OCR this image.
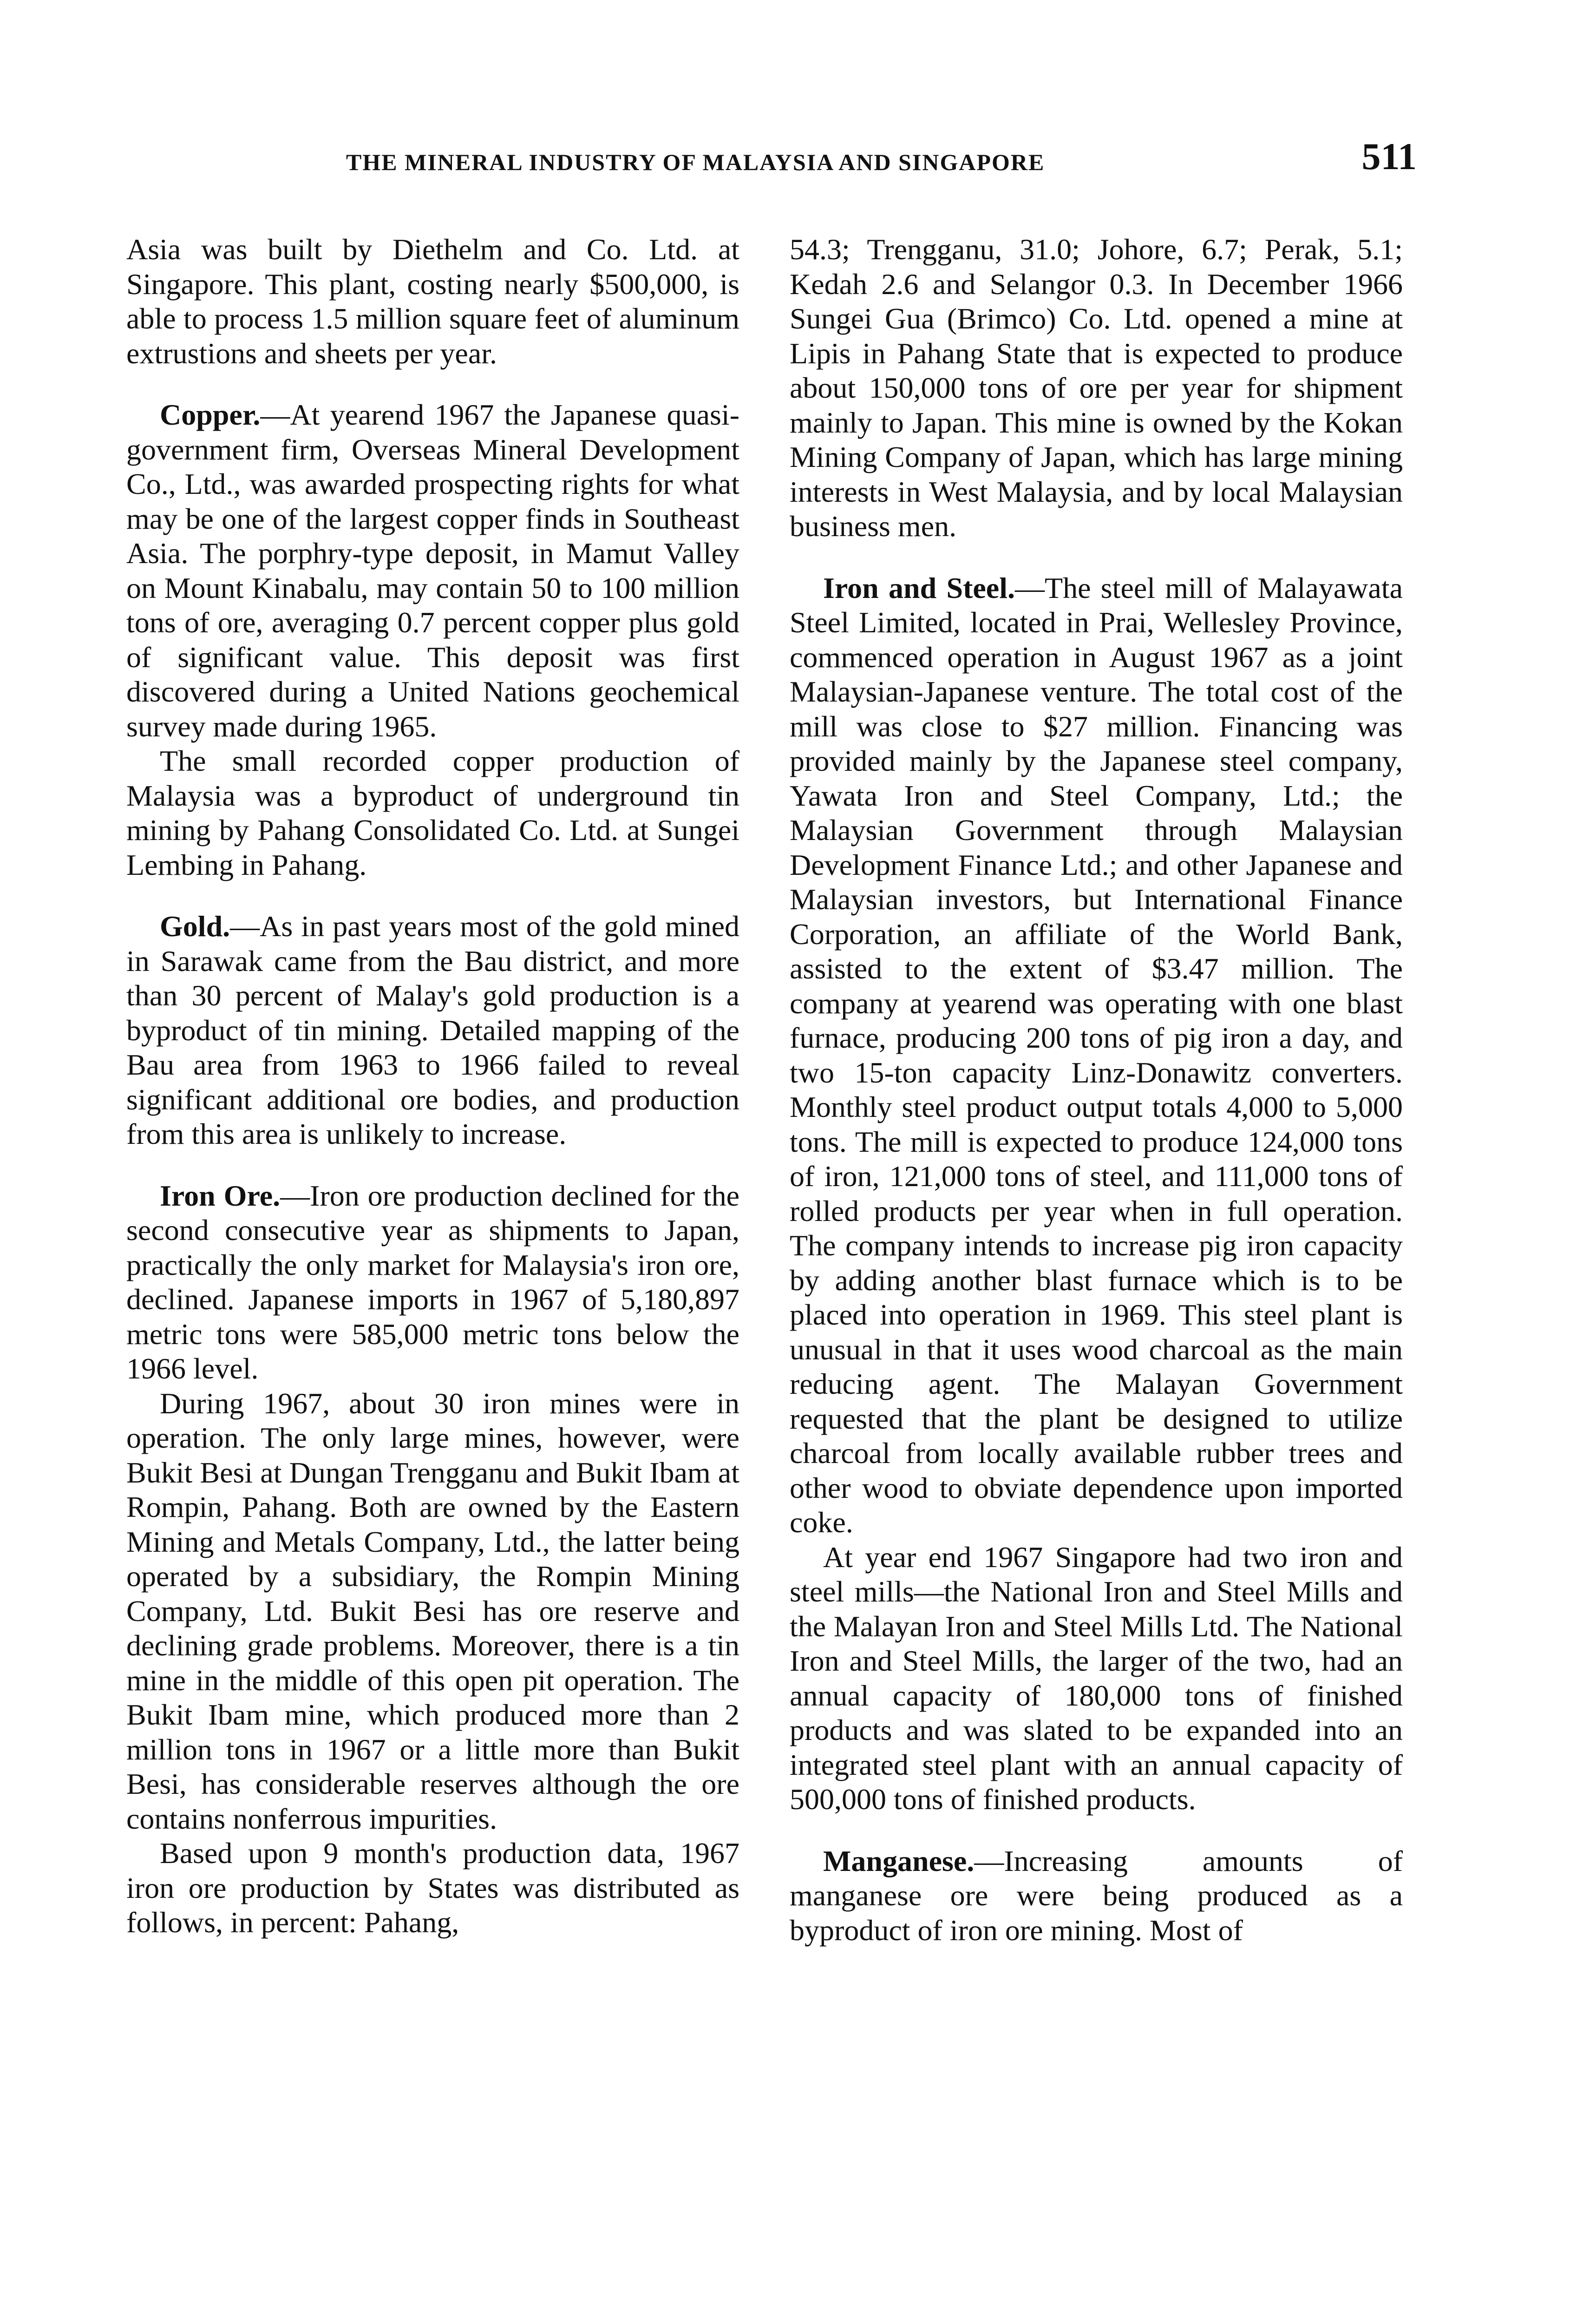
THE MINERAL INDUSTRY OF MALAYSIA AND SINGAPORE	511

Asia was built by Diethelm and Co. Ltd. at Singapore. This plant, costing nearly $500,000, is able to process 1.5 million square feet of aluminum extrustions and sheets per year.

Copper.—At yearend 1967 the Japanese quasi-government firm, Overseas Mineral Development Co., Ltd., was awarded prospecting rights for what may be one of the largest copper finds in Southeast Asia. The porphry-type deposit, in Mamut Valley on Mount Kinabalu, may contain 50 to 100 million tons of ore, averaging 0.7 percent copper plus gold of significant value. This deposit was first discovered during a United Nations geochemical survey made during 1965.

The small recorded copper production of Malaysia was a byproduct of underground tin mining by Pahang Consolidated Co. Ltd. at Sungei Lembing in Pahang.

Gold.—As in past years most of the gold mined in Sarawak came from the Bau district, and more than 30 percent of Malay's gold production is a byproduct of tin mining. Detailed mapping of the Bau area from 1963 to 1966 failed to reveal significant additional ore bodies, and production from this area is unlikely to increase.

Iron Ore.—Iron ore production declined for the second consecutive year as shipments to Japan, practically the only market for Malaysia's iron ore, declined. Japanese imports in 1967 of 5,180,897 metric tons were 585,000 metric tons below the 1966 level.

During 1967, about 30 iron mines were in operation. The only large mines, however, were Bukit Besi at Dungan Trengganu and Bukit Ibam at Rompin, Pahang. Both are owned by the Eastern Mining and Metals Company, Ltd., the latter being operated by a subsidiary, the Rompin Mining Company, Ltd. Bukit Besi has ore reserve and declining grade problems. Moreover, there is a tin mine in the middle of this open pit operation. The Bukit Ibam mine, which produced more than 2 million tons in 1967 or a little more than Bukit Besi, has considerable reserves although the ore contains nonferrous impurities.

Based upon 9 month's production data, 1967 iron ore production by States was distributed as follows, in percent: Pahang,

54.3; Trengganu, 31.0; Johore, 6.7; Perak, 5.1; Kedah 2.6 and Selangor 0.3. In December 1966 Sungei Gua (Brimco) Co. Ltd. opened a mine at Lipis in Pahang State that is expected to produce about 150,000 tons of ore per year for shipment mainly to Japan. This mine is owned by the Kokan Mining Company of Japan, which has large mining interests in West Malaysia, and by local Malaysian business men.

Iron and Steel.—The steel mill of Malayawata Steel Limited, located in Prai, Wellesley Province, commenced operation in August 1967 as a joint Malaysian-Japanese venture. The total cost of the mill was close to $27 million. Financing was provided mainly by the Japanese steel company, Yawata Iron and Steel Company, Ltd.; the Malaysian Government through Malaysian Development Finance Ltd.; and other Japanese and Malaysian investors, but International Finance Corporation, an affiliate of the World Bank, assisted to the extent of $3.47 million. The company at yearend was operating with one blast furnace, producing 200 tons of pig iron a day, and two 15-ton capacity Linz-Donawitz converters. Monthly steel product output totals 4,000 to 5,000 tons. The mill is expected to produce 124,000 tons of iron, 121,000 tons of steel, and 111,000 tons of rolled products per year when in full operation. The company intends to increase pig iron capacity by adding another blast furnace which is to be placed into operation in 1969. This steel plant is unusual in that it uses wood charcoal as the main reducing agent. The Malayan Government requested that the plant be designed to utilize charcoal from locally available rubber trees and other wood to obviate dependence upon imported coke.

At year end 1967 Singapore had two iron and steel mills—the National Iron and Steel Mills and the Malayan Iron and Steel Mills Ltd. The National Iron and Steel Mills, the larger of the two, had an annual capacity of 180,000 tons of finished products and was slated to be expanded into an integrated steel plant with an annual capacity of 500,000 tons of finished products.

Manganese.—Increasing amounts of manganese ore were being produced as a byproduct of iron ore mining. Most of
